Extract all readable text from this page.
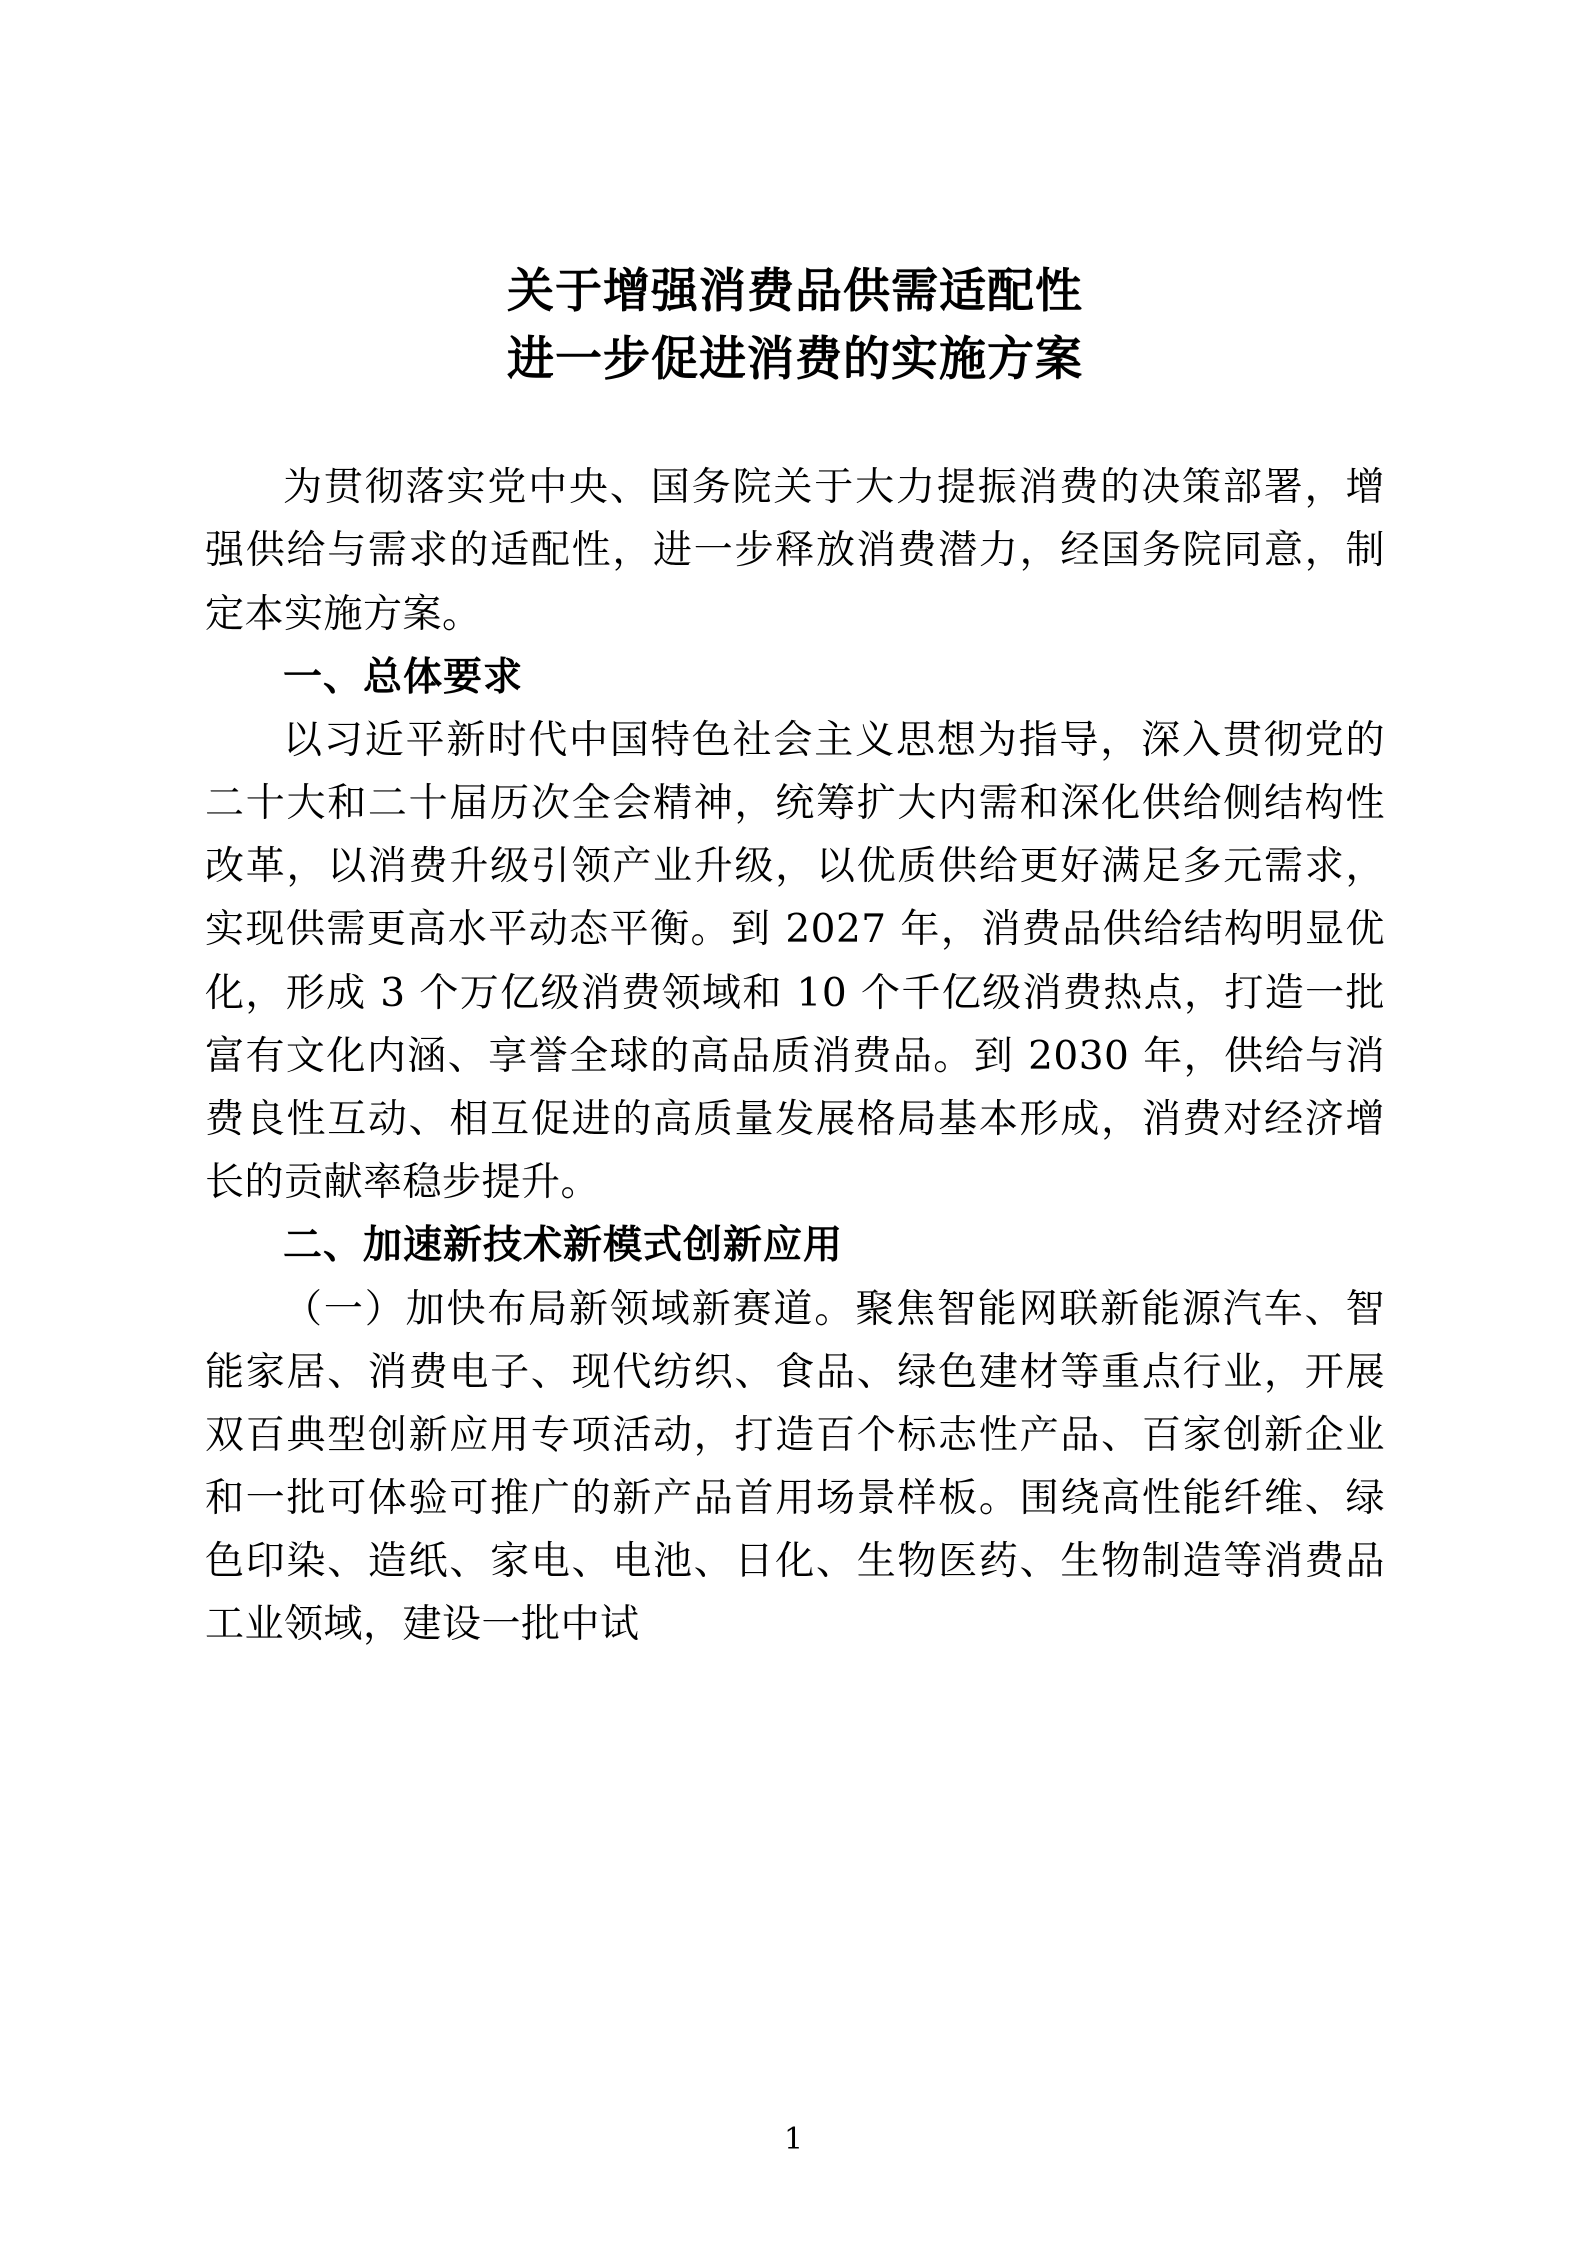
关于增强消费品供需适配性
进一步促进消费的实施方案

为贯彻落实党中央、国务院关于大力提振消费的决策部署，增强供给与需求的适配性，进一步释放消费潜力，经国务院同意，制定本实施方案。

一、总体要求

以习近平新时代中国特色社会主义思想为指导，深入贯彻党的二十大和二十届历次全会精神，统筹扩大内需和深化供给侧结构性改革，以消费升级引领产业升级，以优质供给更好满足多元需求，实现供需更高水平动态平衡。到 2027 年，消费品供给结构明显优化，形成 3 个万亿级消费领域和 10 个千亿级消费热点，打造一批富有文化内涵、享誉全球的高品质消费品。到 2030 年，供给与消费良性互动、相互促进的高质量发展格局基本形成，消费对经济增长的贡献率稳步提升。

二、加速新技术新模式创新应用

（一）加快布局新领域新赛道。聚焦智能网联新能源汽车、智能家居、消费电子、现代纺织、食品、绿色建材等重点行业，开展双百典型创新应用专项活动，打造百个标志性产品、百家创新企业和一批可体验可推广的新产品首用场景样板。围绕高性能纤维、绿色印染、造纸、家电、电池、日化、生物医药、生物制造等消费品工业领域，建设一批中试

1
